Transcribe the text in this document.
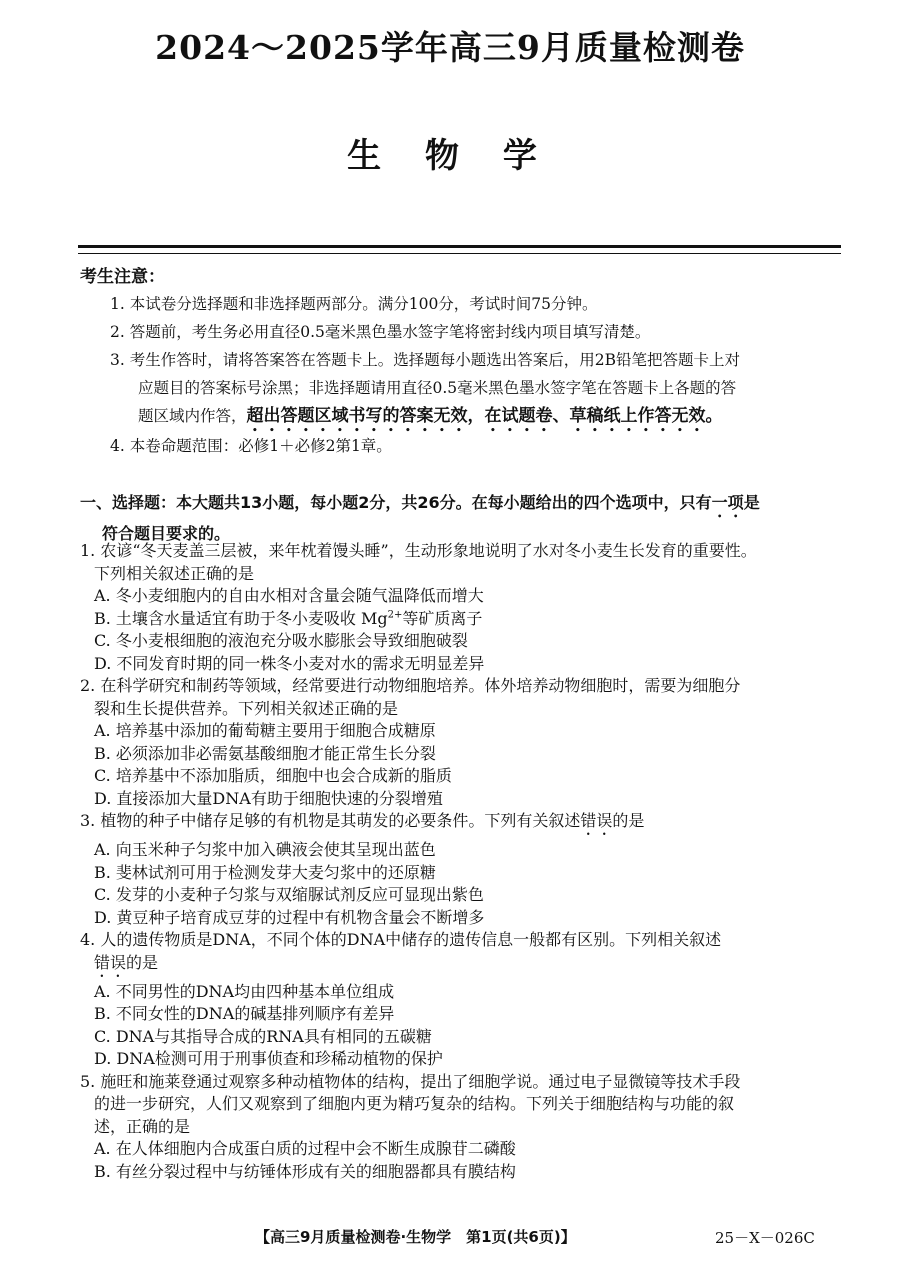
2024～2025学年高三9月质量检测卷
生 物 学
考生注意：
1. 本试卷分选择题和非选择题两部分。满分100分，考试时间75分钟。
2. 答题前，考生务必用直径0.5毫米黑色墨水签字笔将密封线内项目填写清楚。
3. 考生作答时，请将答案答在答题卡上。选择题每小题选出答案后，用2B铅笔把答题卡上对
应题目的答案标号涂黑；非选择题请用直径0.5毫米黑色墨水签字笔在答题卡上各题的答
题区域内作答，超出答题区域书写的答案无效，在试题卷、草稿纸上作答无效。
4. 本卷命题范围：必修1＋必修2第1章。
一、选择题：本大题共13小题，每小题2分，共26分。在每小题给出的四个选项中，只有一项是
符合题目要求的。

1. 农谚“冬天麦盖三层被，来年枕着馒头睡”，生动形象地说明了水对冬小麦生长发育的重要性。
下列相关叙述正确的是

A. 冬小麦细胞内的自由水相对含量会随气温降低而增大

B. 土壤含水量适宜有助于冬小麦吸收 $Mg^{2+}$等矿质离子

C. 冬小麦根细胞的液泡充分吸水膨胀会导致细胞破裂

D. 不同发育时期的同一株冬小麦对水的需求无明显差异

2. 在科学研究和制药等领域，经常要进行动物细胞培养。体外培养动物细胞时，需要为细胞分
裂和生长提供营养。下列相关叙述正确的是

A. 培养基中添加的葡萄糖主要用于细胞合成糖原

B. 必须添加非必需氨基酸细胞才能正常生长分裂

C. 培养基中不添加脂质，细胞中也会合成新的脂质

D. 直接添加大量DNA有助于细胞快速的分裂增殖

3. 植物的种子中储存足够的有机物是其萌发的必要条件。下列有关叙述错误的是

A. 向玉米种子匀浆中加入碘液会使其呈现出蓝色

B. 斐林试剂可用于检测发芽大麦匀浆中的还原糖

C. 发芽的小麦种子匀浆与双缩脲试剂反应可显现出紫色

D. 黄豆种子培育成豆芽的过程中有机物含量会不断增多

4. 人的遗传物质是DNA，不同个体的DNA中储存的遗传信息一般都有区别。下列相关叙述
错误的是

A. 不同男性的DNA均由四种基本单位组成

B. 不同女性的DNA的碱基排列顺序有差异

C. DNA与其指导合成的RNA具有相同的五碳糖

D. DNA检测可用于刑事侦查和珍稀动植物的保护

5. 施旺和施莱登通过观察多种动植物体的结构，提出了细胞学说。通过电子显微镜等技术手段
的进一步研究，人们又观察到了细胞内更为精巧复杂的结构。下列关于细胞结构与功能的叙
述，正确的是

A. 在人体细胞内合成蛋白质的过程中会不断生成腺苷二磷酸

B. 有丝分裂过程中与纺锤体形成有关的细胞器都具有膜结构

【高三9月质量检测卷·生物学　第1页(共6页)】	25－X－026C
